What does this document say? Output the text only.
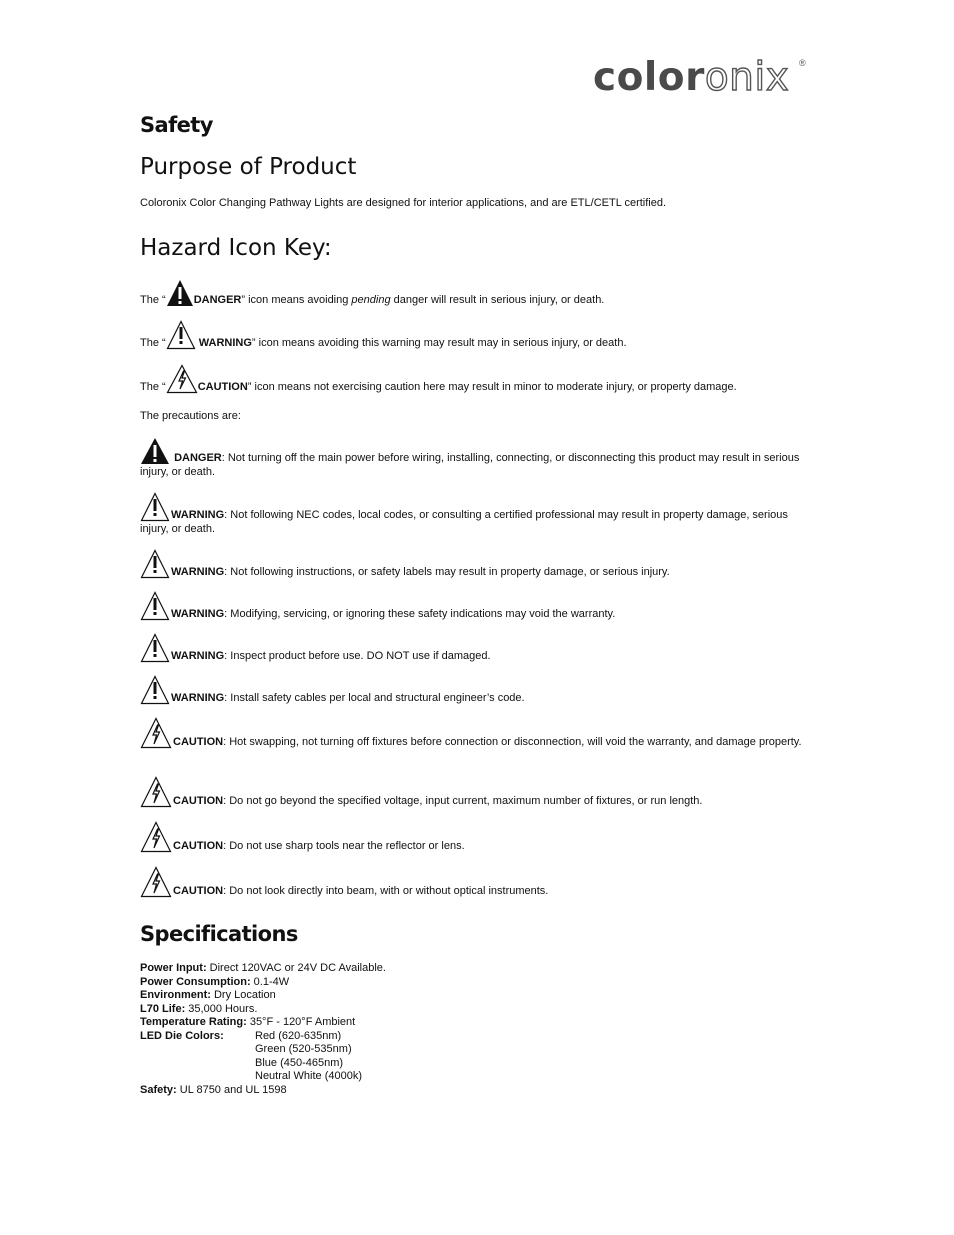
coloronix ®
Safety
Purpose of Product
Coloronix Color Changing Pathway Lights are designed for interior applications, and are ETL/CETL certified.
Hazard Icon Key:
The “	DANGER” icon means avoiding pending danger will result in serious injury, or death.
The “	WARNING” icon means avoiding this warning may result may in serious injury, or death.
The “	CAUTION” icon means not exercising caution here may result in minor to moderate injury, or property damage.
The precautions are:
DANGER: Not turning off the main power before wiring, installing, connecting, or disconnecting this product may result in serious injury, or death.
WARNING: Not following NEC codes, local codes, or consulting a certified professional may result in property damage, serious injury, or death.
WARNING: Not following instructions, or safety labels may result in property damage, or serious injury.
WARNING: Modifying, servicing, or ignoring these safety indications may void the warranty.
WARNING: Inspect product before use. DO NOT use if damaged.
WARNING: Install safety cables per local and structural engineer’s code.
CAUTION: Hot swapping, not turning off fixtures before connection or disconnection, will void the warranty, and damage property.
CAUTION: Do not go beyond the specified voltage, input current, maximum number of fixtures, or run length.
CAUTION: Do not use sharp tools near the reflector or lens.
CAUTION: Do not look directly into beam, with or without optical instruments.
Specifications
Power Input: Direct 120VAC or 24V DC Available.
Power Consumption: 0.1-4W
Environment: Dry Location
L70 Life: 35,000 Hours.
Temperature Rating: 35°F - 120°F Ambient
LED Die Colors:	Red (620-635nm)
Green (520-535nm)
Blue (450-465nm)
Neutral White (4000k)
Safety: UL 8750 and UL 1598
